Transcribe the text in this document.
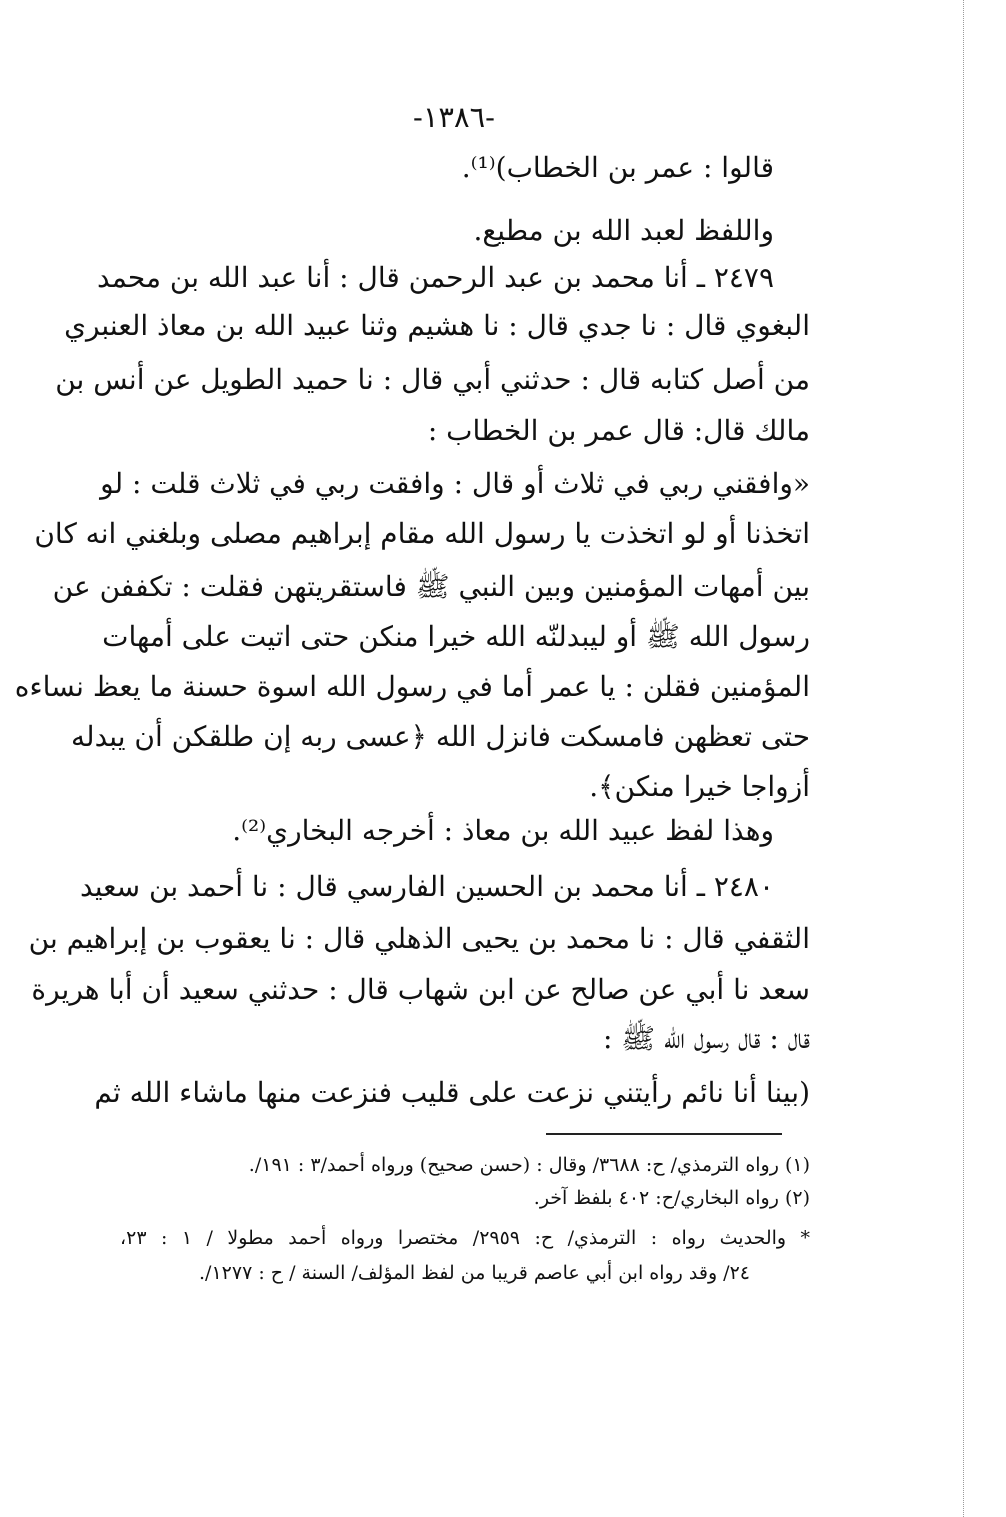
-١٣٨٦-
قالوا : عمر بن الخطاب)⁽¹⁾.
واللفظ لعبد الله بن مطيع.
٢٤٧٩ ـ أنا محمد بن عبد الرحمن قال : أنا عبد الله بن محمد
البغوي قال : نا جدي قال : نا هشيم وثنا عبيد الله بن معاذ العنبري
من أصل كتابه قال : حدثني أبي قال : نا حميد الطويل عن أنس بن
مالك قال: قال عمر بن الخطاب :
«وافقني ربي في ثلاث أو قال : وافقت ربي في ثلاث قلت : لو
اتخذنا أو لو اتخذت يا رسول الله مقام إبراهيم مصلى وبلغني انه كان
بين أمهات المؤمنين وبين النبي ﷺ فاستقريتهن فقلت : تكففن عن
رسول الله ﷺ أو ليبدلنّه الله خيرا منكن حتى اتيت على أمهات
المؤمنين فقلن : يا عمر أما في رسول الله اسوة حسنة ما يعظ نساءه
حتى تعظهن فامسكت فانزل الله ﴿عسى ربه إن طلقكن أن يبدله
أزواجا خيرا منكن﴾.
وهذا لفظ عبيد الله بن معاذ : أخرجه البخاري⁽²⁾.
٢٤٨٠ ـ أنا محمد بن الحسين الفارسي قال : نا أحمد بن سعيد
الثقفي قال : نا محمد بن يحيى الذهلي قال : نا يعقوب بن إبراهيم بن
سعد نا أبي عن صالح عن ابن شهاب قال : حدثني سعيد أن أبا هريرة
قال : قال رسول الله ﷺ :
(بينا أنا نائم رأيتني نزعت على قليب فنزعت منها ماشاء الله ثم
(١) رواه الترمذي/ ح: ٣٦٨٨/ وقال : (حسن صحيح) ورواه أحمد/٣ : ١٩١/.
(٢) رواه البخاري/ح: ٤٠٢ بلفظ آخر.
* والحديث رواه : الترمذي/ ح: ٢٩٥٩/ مختصرا ورواه أحمد مطولا / ١ : ٢٣،
٢٤/ وقد رواه ابن أبي عاصم قريبا من لفظ المؤلف/ السنة / ح : ١٢٧٧/.
